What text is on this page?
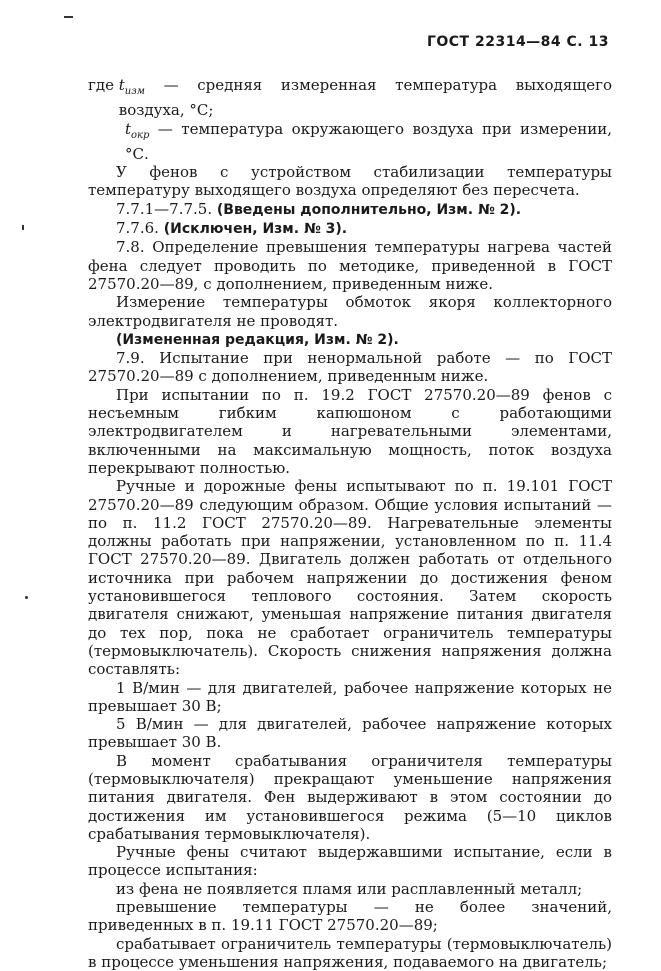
ГОСТ 22314—84 С. 13
где $t_{изм}$ — средняя измеренная температура выходящего воздуха, °С;
$t_{окр}$ — температура окружающего воздуха при измерении, °С.

У фенов с устройством стабилизации температуры температуру выходящего воздуха определяют без пересчета.

7.7.1—7.7.5. (Введены дополнительно, Изм. № 2).

7.7.6. (Исключен, Изм. № 3).

7.8. Определение превышения температуры нагрева частей фена следует проводить по методике, приведенной в ГОСТ 27570.20—89, с дополнением, приведенным ниже.

Измерение температуры обмоток якоря коллекторного электродвигателя не проводят.

(Измененная редакция, Изм. № 2).

7.9. Испытание при ненормальной работе — по ГОСТ 27570.20—89 с дополнением, приведенным ниже.

При испытании по п. 19.2 ГОСТ 27570.20—89 фенов с несъемным гибким капюшоном с работающими электродвигателем и нагревательными элементами, включенными на максимальную мощность, поток воздуха перекрывают полностью.

Ручные и дорожные фены испытывают по п. 19.101 ГОСТ 27570.20—89 следующим образом. Общие условия испытаний — по п. 11.2 ГОСТ 27570.20—89. Нагревательные элементы должны работать при напряжении, установленном по п. 11.4 ГОСТ 27570.20—89. Двигатель должен работать от отдельного источника при рабочем напряжении до достижения феном установившегося теплового состояния. Затем скорость двигателя снижают, уменьшая напряжение питания двигателя до тех пор, пока не сработает ограничитель температуры (термовыключатель). Скорость снижения напряжения должна составлять:

1 В/мин — для двигателей, рабочее напряжение которых не превышает 30 В;

5 В/мин — для двигателей, рабочее напряжение которых превышает 30 В.

В момент срабатывания ограничителя температуры (термовыключателя) прекращают уменьшение напряжения питания двигателя. Фен выдерживают в этом состоянии до достижения им установившегося режима (5—10 циклов срабатывания термовыключателя).

Ручные фены считают выдержавшими испытание, если в процессе испытания:

из фена не появляется пламя или расплавленный металл;

превышение температуры — не более значений, приведенных в п. 19.11 ГОСТ 27570.20—89;

срабатывает ограничитель температуры (термовыключатель) в процессе уменьшения напряжения, подаваемого на двигатель;
